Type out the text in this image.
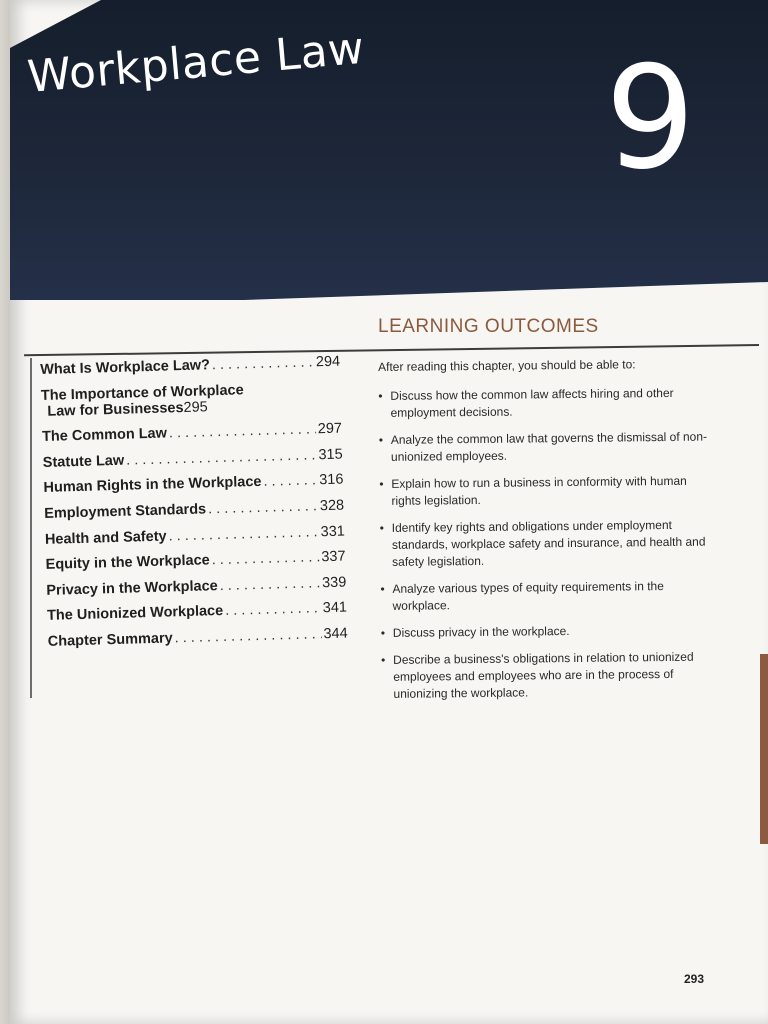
Workplace Law 9
LEARNING OUTCOMES
What Is Workplace Law? . . .	294
The Importance of Workplace
Law for Businesses 295
The Common Law . . .	297
Statute Law . . .	315
Human Rights in the Workplace . . .	316
Employment Standards . . .	328
Health and Safety . . .	331
Equity in the Workplace . . .	337
Privacy in the Workplace . . .	339
The Unionized Workplace . . .	341
Chapter Summary . . .	344

After reading this chapter, you should be able to:

• Discuss how the common law affects hiring and other employment decisions.
• Analyze the common law that governs the dismissal of non-unionized employees.
• Explain how to run a business in conformity with human rights legislation.
• Identify key rights and obligations under employment standards, workplace safety and insurance, and health and safety legislation.
• Analyze various types of equity requirements in the workplace.
• Discuss privacy in the workplace.
• Describe a business's obligations in relation to unionized employees and employees who are in the process of unionizing the workplace.
293
